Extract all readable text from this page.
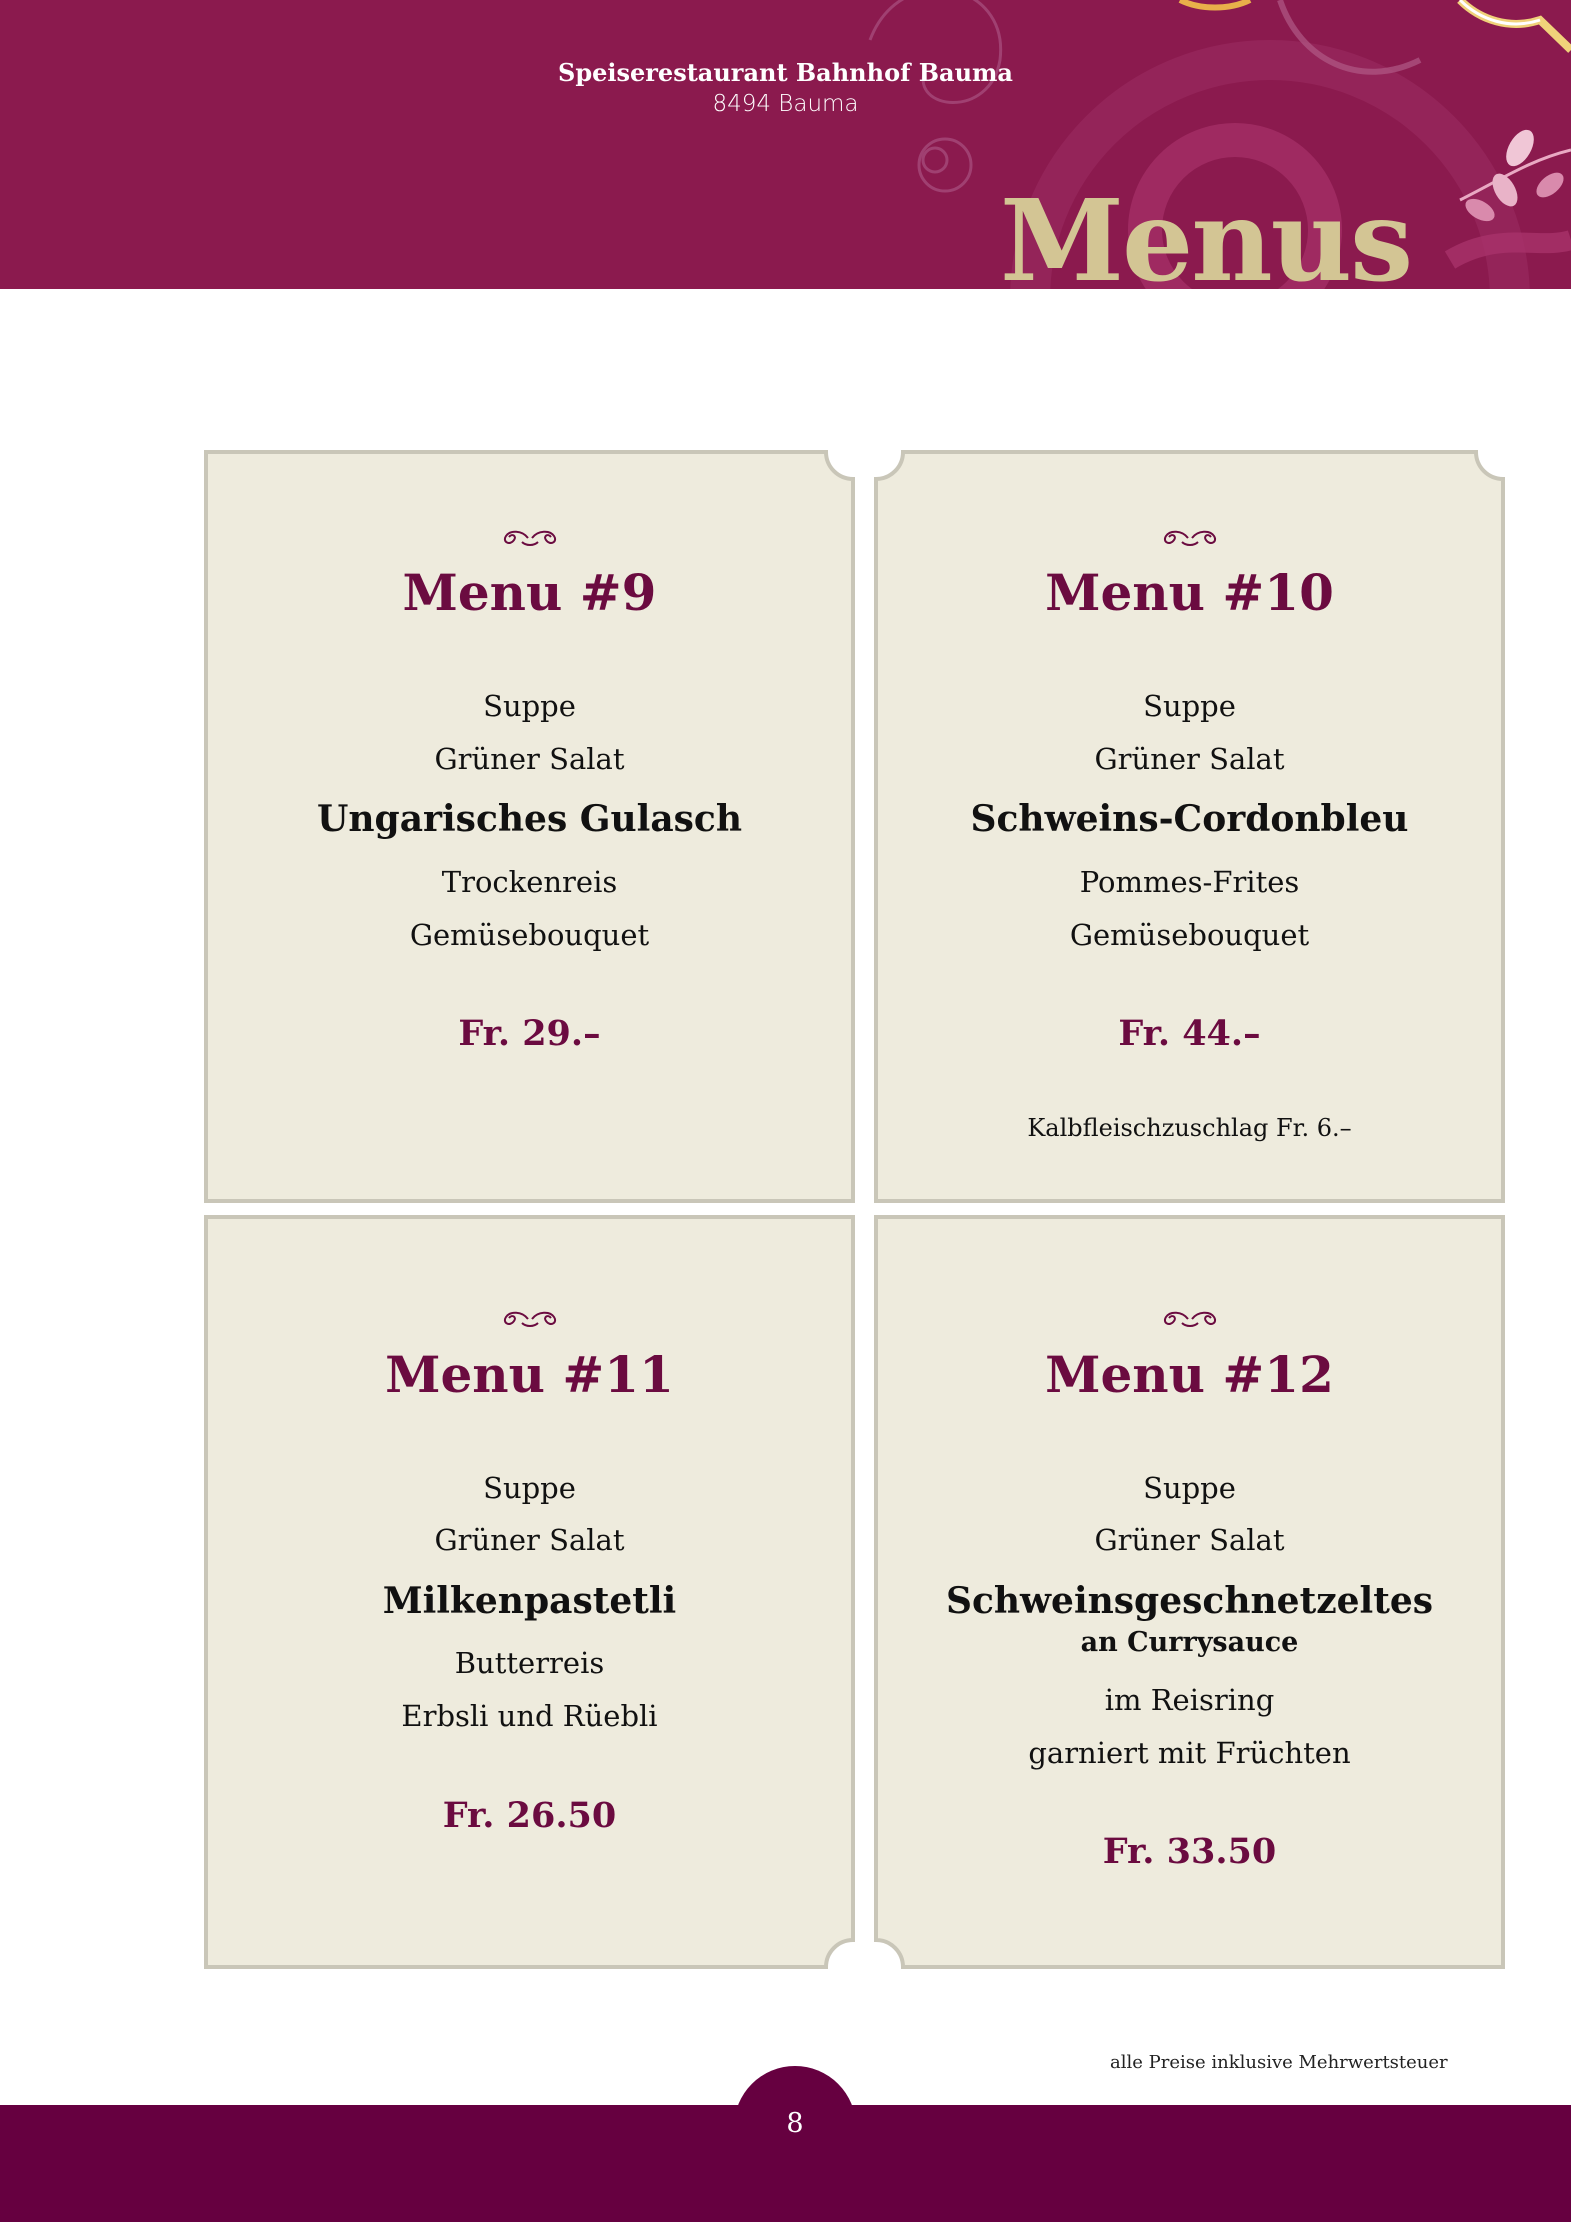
Speiserestaurant Bahnhof Bauma
8494 Bauma
Menus
Menu #9
Suppe
Grüner Salat
Ungarisches Gulasch
Trockenreis
Gemüsebouquet
Fr. 29.–
Menu #10
Suppe
Grüner Salat
Schweins-Cordonbleu
Pommes-Frites
Gemüsebouquet
Fr. 44.–
Kalbfleischzuschlag Fr. 6.–
Menu #11
Suppe
Grüner Salat
Milkenpastetli
Butterreis
Erbsli und Rüebli
Fr. 26.50
Menu #12
Suppe
Grüner Salat
Schweinsgeschnetzeltes
an Currysauce
im Reisring
garniert mit Früchten
Fr. 33.50
alle Preise inklusive Mehrwertsteuer
8
